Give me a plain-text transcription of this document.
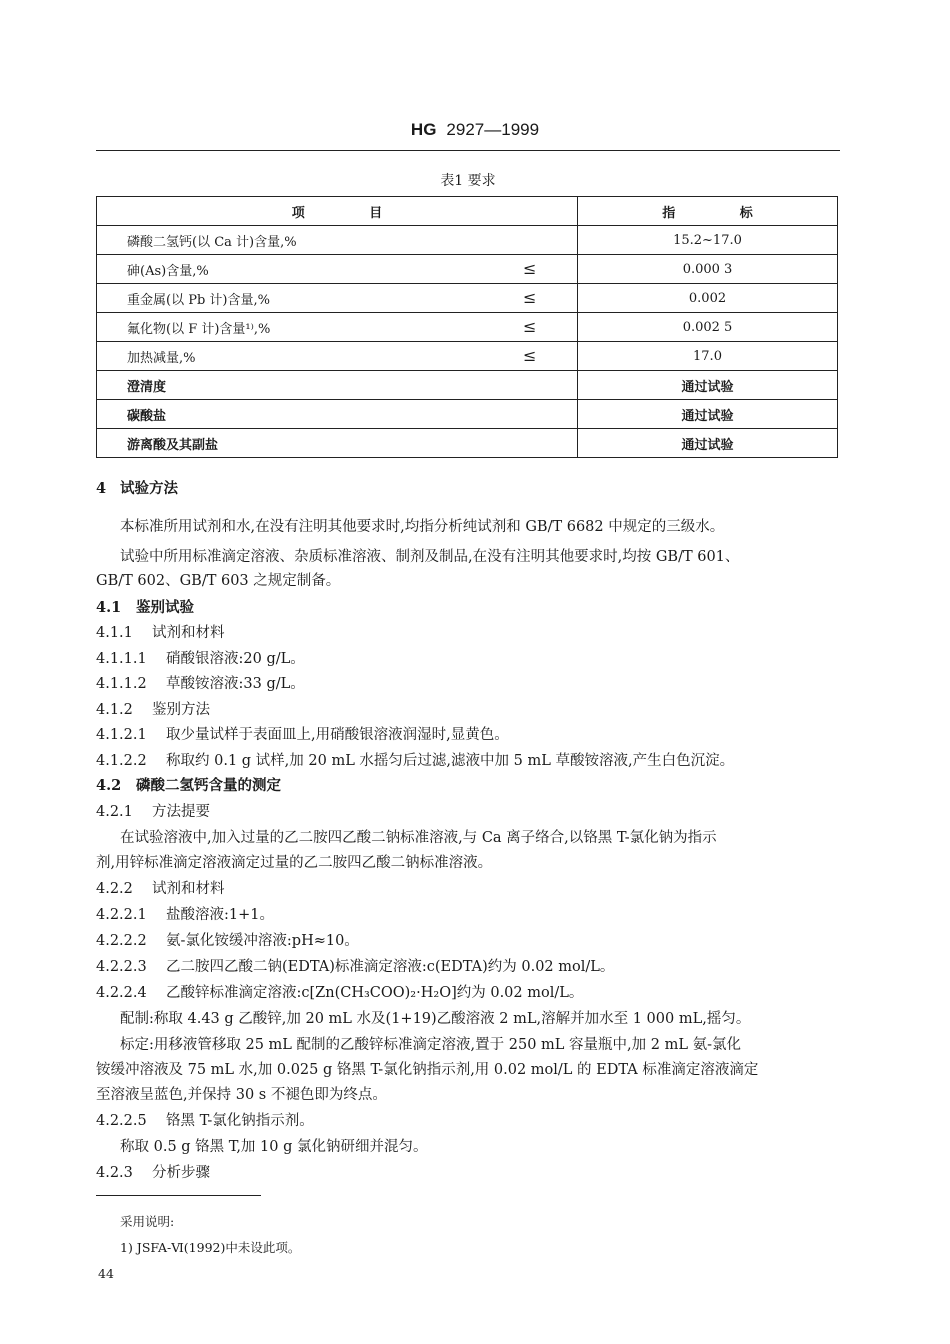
HG 2927—1999
表1 要求
项 目	指 标
磷酸二氢钙(以 Ca 计)含量,%	15.2~17.0
砷(As)含量,% ≤	0.000 3
重金属(以 Pb 计)含量,% ≤	0.002
氟化物(以 F 计)含量¹⁾,% ≤	0.002 5
加热减量,% ≤	17.0
澄清度	通过试验
碳酸盐	通过试验
游离酸及其副盐	通过试验
4 试验方法
本标准所用试剂和水,在没有注明其他要求时,均指分析纯试剂和 GB/T 6682 中规定的三级水。
试验中所用标准滴定溶液、杂质标准溶液、制剂及制品,在没有注明其他要求时,均按 GB/T 601、
GB/T 602、GB/T 603 之规定制备。
4.1 鉴别试验
4.1.1 试剂和材料
4.1.1.1 硝酸银溶液:20 g/L。
4.1.1.2 草酸铵溶液:33 g/L。
4.1.2 鉴别方法
4.1.2.1 取少量试样于表面皿上,用硝酸银溶液润湿时,显黄色。
4.1.2.2 称取约 0.1 g 试样,加 20 mL 水摇匀后过滤,滤液中加 5 mL 草酸铵溶液,产生白色沉淀。
4.2 磷酸二氢钙含量的测定
4.2.1 方法提要
在试验溶液中,加入过量的乙二胺四乙酸二钠标准溶液,与 Ca 离子络合,以铬黑 T-氯化钠为指示
剂,用锌标准滴定溶液滴定过量的乙二胺四乙酸二钠标准溶液。
4.2.2 试剂和材料
4.2.2.1 盐酸溶液:1+1。
4.2.2.2 氨-氯化铵缓冲溶液:pH≈10。
4.2.2.3 乙二胺四乙酸二钠(EDTA)标准滴定溶液:c(EDTA)约为 0.02 mol/L。
4.2.2.4 乙酸锌标准滴定溶液:c[Zn(CH₃COO)₂·H₂O]约为 0.02 mol/L。
配制:称取 4.43 g 乙酸锌,加 20 mL 水及(1+19)乙酸溶液 2 mL,溶解并加水至 1 000 mL,摇匀。
标定:用移液管移取 25 mL 配制的乙酸锌标准滴定溶液,置于 250 mL 容量瓶中,加 2 mL 氨-氯化
铵缓冲溶液及 75 mL 水,加 0.025 g 铬黑 T-氯化钠指示剂,用 0.02 mol/L 的 EDTA 标准滴定溶液滴定
至溶液呈蓝色,并保持 30 s 不褪色即为终点。
4.2.2.5 铬黑 T-氯化钠指示剂。
称取 0.5 g 铬黑 T,加 10 g 氯化钠研细并混匀。
4.2.3 分析步骤
采用说明:
1) JSFA-Ⅵ(1992)中未设此项。
44
